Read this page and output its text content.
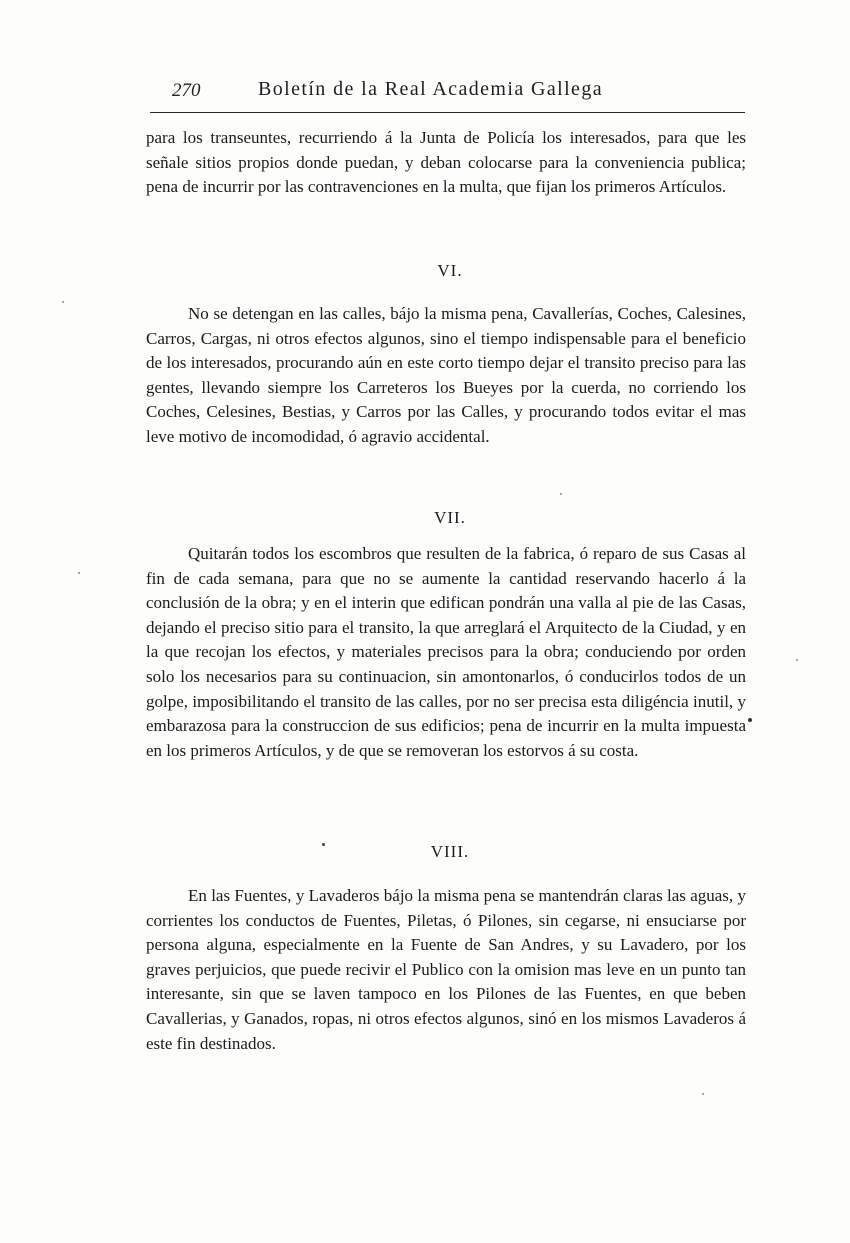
270	Boletín de la Real Academia Gallega

para los transeuntes, recurriendo á la Junta de Policía los interesados, para que les señale sitios propios donde puedan, y deban colocarse para la conveniencia publica; pena de incurrir por las contravenciones en la multa, que fijan los primeros Artículos.

VI.

No se detengan en las calles, bájo la misma pena, Cavallerías, Coches, Calesines, Carros, Cargas, ni otros efectos algunos, sino el tiempo indispensable para el beneficio de los interesados, procurando aún en este corto tiempo dejar el transito preciso para las gentes, llevando siempre los Carreteros los Bueyes por la cuerda, no corriendo los Coches, Celesines, Bestias, y Carros por las Calles, y procurando todos evitar el mas leve motivo de incomodidad, ó agravio accidental.

VII.

Quitarán todos los escombros que resulten de la fabrica, ó reparo de sus Casas al fin de cada semana, para que no se aumente la cantidad reservando hacerlo á la conclusión de la obra; y en el interin que edifican pondrán una valla al pie de las Casas, dejando el preciso sitio para el transito, la que arreglará el Arquitecto de la Ciudad, y en la que recojan los efectos, y materiales precisos para la obra; conduciendo por orden solo los necesarios para su continuacion, sin amontonarlos, ó conducirlos todos de un golpe, imposibilitando el transito de las calles, por no ser precisa esta diligéncia inutil, y embarazosa para la construccion de sus edificios; pena de incurrir en la multa impuesta en los primeros Artículos, y de que se removeran los estorvos á su costa.

VIII.

En las Fuentes, y Lavaderos bájo la misma pena se mantendrán claras las aguas, y corrientes los conductos de Fuentes, Piletas, ó Pilones, sin cegarse, ni ensuciarse por persona alguna, especialmente en la Fuente de San Andres, y su Lavadero, por los graves perjuicios, que puede recivir el Publico con la omision mas leve en un punto tan interesante, sin que se laven tampoco en los Pilones de las Fuentes, en que beben Cavallerias, y Ganados, ropas, ni otros efectos algunos, sinó en los mismos Lavaderos á este fin destinados.
